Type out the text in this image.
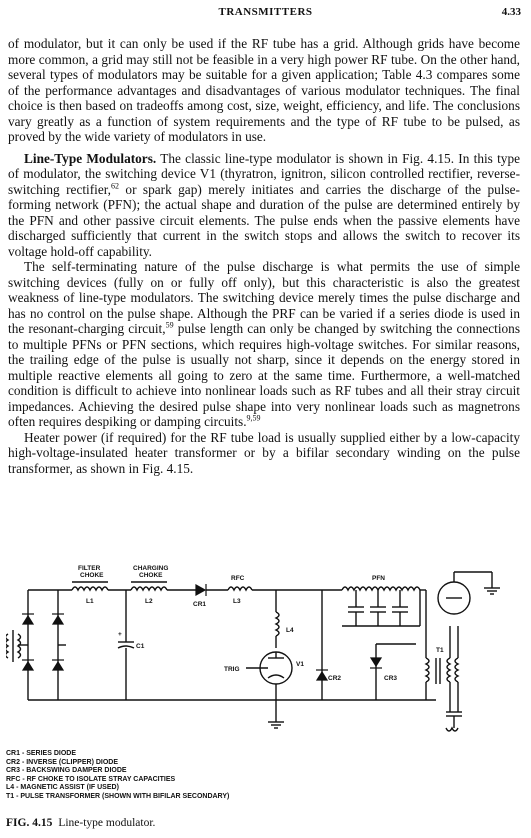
TRANSMITTERS	4.33

of modulator, but it can only be used if the RF tube has a grid. Although grids have become more common, a grid may still not be feasible in a very high power RF tube. On the other hand, several types of modulators may be suitable for a given application; Table 4.3 compares some of the performance advantages and disadvantages of various modulator techniques. The final choice is then based on tradeoffs among cost, size, weight, efficiency, and life. The conclusions vary greatly as a function of system requirements and the type of RF tube to be pulsed, as proved by the wide variety of modulators in use.

Line-Type Modulators. The classic line-type modulator is shown in Fig. 4.15. In this type of modulator, the switching device V1 (thyratron, ignitron, silicon controlled rectifier, reverse-switching rectifier,$^{62}$ or spark gap) merely initiates and carries the discharge of the pulse-forming network (PFN); the actual shape and duration of the pulse are determined entirely by the PFN and other passive circuit elements. The pulse ends when the passive elements have discharged sufficiently that current in the switch stops and allows the switch to recover its voltage hold-off capability.

The self-terminating nature of the pulse discharge is what permits the use of simple switching devices (fully on or fully off only), but this characteristic is also the greatest weakness of line-type modulators. The switching device merely times the pulse discharge and has no control on the pulse shape. Although the PRF can be varied if a series diode is used in the resonant-charging circuit,$^{59}$ pulse length can only be changed by switching the connections to multiple PFNs or PFN sections, which requires high-voltage switches. For similar reasons, the trailing edge of the pulse is usually not sharp, since it depends on the energy stored in multiple reactive elements all going to zero at the same time. Furthermore, a well-matched condition is difficult to achieve into nonlinear loads such as RF tubes and all their stray circuit impedances. Achieving the desired pulse shape into very nonlinear loads such as magnetrons often requires despiking or damping circuits.$^{9,59}$

Heater power (if required) for the RF tube load is usually supplied either by a low-capacity high-voltage-insulated heater transformer or by a bifilar secondary winding on the pulse transformer, as shown in Fig. 4.15.

FILTER
CHOKE
CHARGING
CHOKE	RFC	PFN
L1	L2	CR1	L3
L4
V1
TRIG
CR2	CR3
C1
+
T1
CR1 - SERIES DIODE
CR2 - INVERSE (CLIPPER) DIODE
CR3 - BACKSWING DAMPER DIODE
RFC - RF CHOKE TO ISOLATE STRAY CAPACITIES
L4 - MAGNETIC ASSIST (IF USED)
T1 - PULSE TRANSFORMER (SHOWN WITH BIFILAR SECONDARY)
FIG. 4.15 Line-type modulator.
